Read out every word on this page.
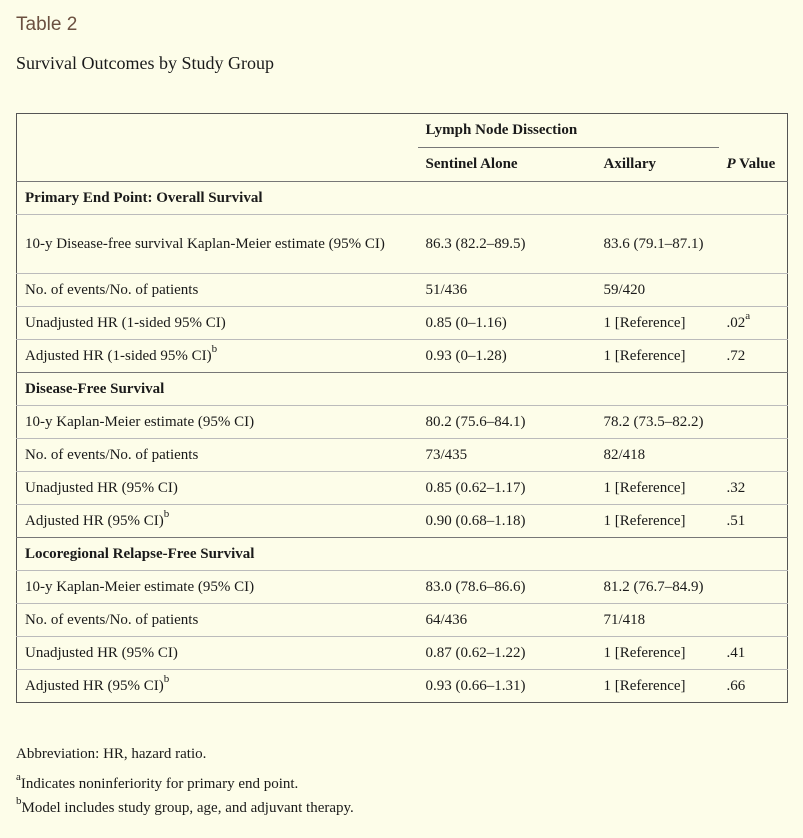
Table 2
Survival Outcomes by Study Group
	Lymph Node Dissection		
	Sentinel Alone	Axillary	P Value
Primary End Point: Overall Survival			
10-y Disease-free survival Kaplan-Meier estimate (95% CI)	86.3 (82.2–89.5)	83.6 (79.1–87.1)	
No. of events/No. of patients	51/436	59/420	
Unadjusted HR (1-sided 95% CI)	0.85 (0–1.16)	1 [Reference]	.02$^a$
Adjusted HR (1-sided 95% CI)$^b$	0.93 (0–1.28)	1 [Reference]	.72
Disease-Free Survival			
10-y Kaplan-Meier estimate (95% CI)	80.2 (75.6–84.1)	78.2 (73.5–82.2)	
No. of events/No. of patients	73/435	82/418	
Unadjusted HR (95% CI)	0.85 (0.62–1.17)	1 [Reference]	.32
Adjusted HR (95% CI)$^b$	0.90 (0.68–1.18)	1 [Reference]	.51
Locoregional Relapse-Free Survival			
10-y Kaplan-Meier estimate (95% CI)	83.0 (78.6–86.6)	81.2 (76.7–84.9)	
No. of events/No. of patients	64/436	71/418	
Unadjusted HR (95% CI)	0.87 (0.62–1.22)	1 [Reference]	.41
Adjusted HR (95% CI)$^b$	0.93 (0.66–1.31)	1 [Reference]	.66
Abbreviation: HR, hazard ratio.
$^a$Indicates noninferiority for primary end point.
$^b$Model includes study group, age, and adjuvant therapy.
